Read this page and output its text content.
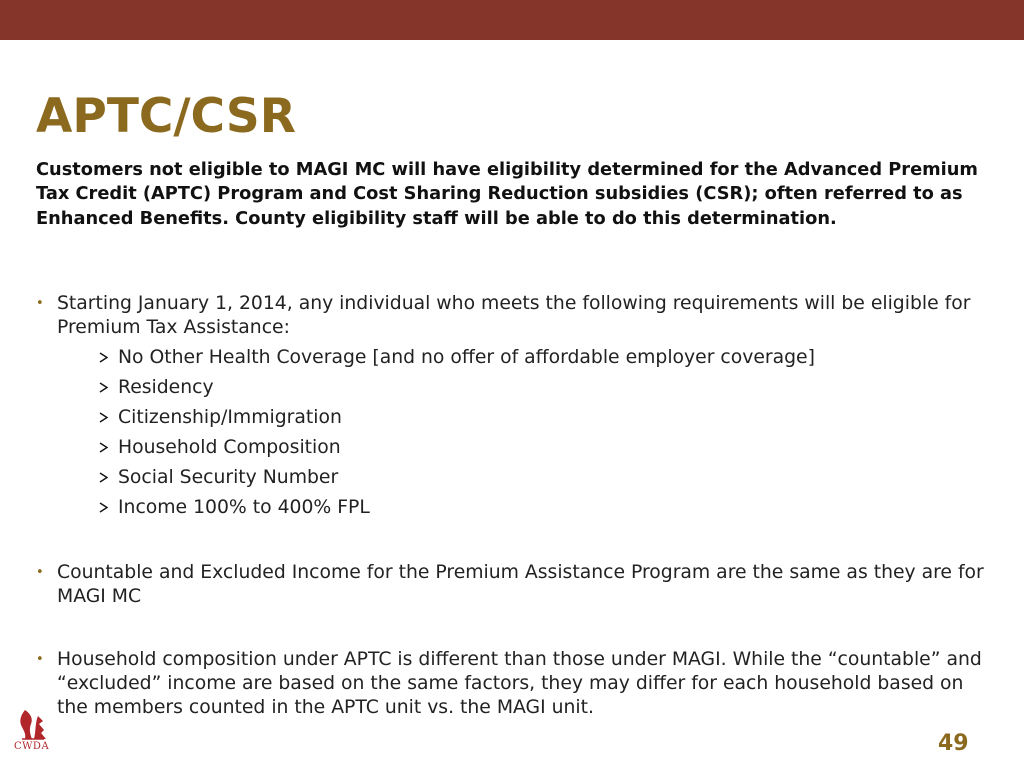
APTC/CSR

Customers not eligible to MAGI MC will have eligibility determined for the Advanced Premium Tax Credit (APTC) Program and Cost Sharing Reduction subsidies (CSR); often referred to as Enhanced Benefits. County eligibility staff will be able to do this determination.

• Starting January 1, 2014, any individual who meets the following requirements will be eligible for Premium Tax Assistance:
No Other Health Coverage [and no offer of affordable employer coverage]
Residency
Citizenship/Immigration
Household Composition
Social Security Number
Income 100% to 400% FPL
• Countable and Excluded Income for the Premium Assistance Program are the same as they are for MAGI MC
• Household composition under APTC is different than those under MAGI. While the “countable” and “excluded” income are based on the same factors, they may differ for each household based on the members counted in the APTC unit vs. the MAGI unit.
CWDA	49
